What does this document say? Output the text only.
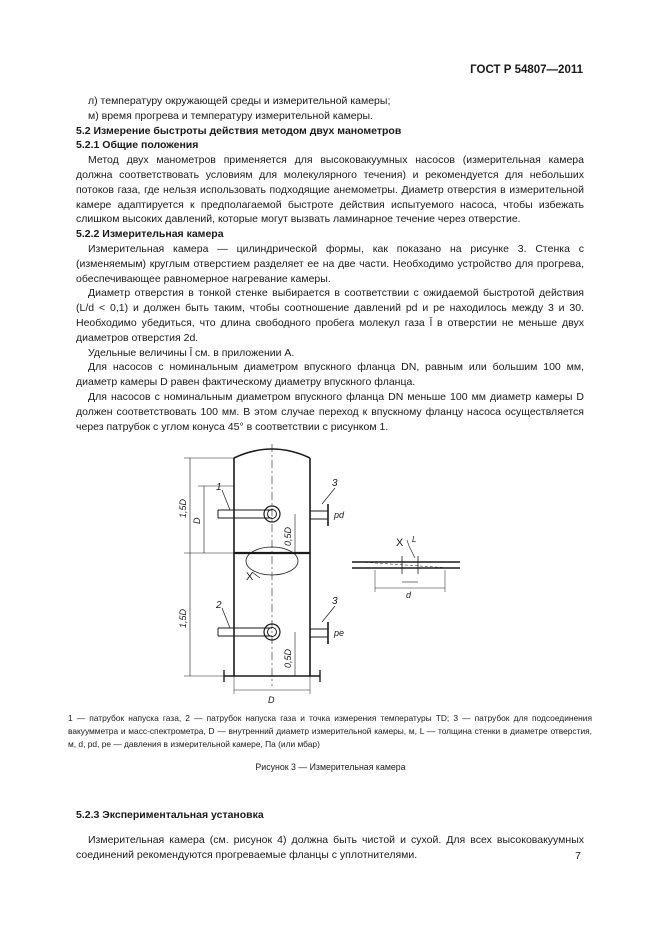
ГОСТ Р 54807—2011

л) температуру окружающей среды и измерительной камеры;

м) время прогрева и температуру измерительной камеры.

5.2 Измерение быстроты действия методом двух манометров

5.2.1 Общие положения

Метод двух манометров применяется для высоковакуумных насосов (измерительная камера должна соответствовать условиям для молекулярного течения) и рекомендуется для небольших потоков газа, где нельзя использовать подходящие анемометры. Диаметр отверстия в измерительной камере адаптируется к предполагаемой быстроте действия испытуемого насоса, чтобы избежать слишком высоких давлений, которые могут вызвать ламинарное течение через отверстие.

5.2.2 Измерительная камера

Измерительная камера — цилиндрической формы, как показано на рисунке 3. Стенка с (изменяемым) круглым отверстием разделяет ее на две части. Необходимо устройство для прогрева, обеспечивающее равномерное нагревание камеры.

Диаметр отверстия в тонкой стенке выбирается в соответствии с ожидаемой быстротой действия (L/d < 0,1) и должен быть таким, чтобы соотношение давлений pd и pe находилось между 3 и 30. Необходимо убедиться, что длина свободного пробега молекул газа l̄ в отверстии не меньше двух диаметров отверстия 2d.

Удельные величины l̄ см. в приложении А.

Для насосов с номинальным диаметром впускного фланца DN, равным или большим 100 мм, диаметр камеры D равен фактическому диаметру впускного фланца.

Для насосов с номинальным диаметром впускного фланца DN меньше 100 мм диаметр камеры D должен соответствовать 100 мм. В этом случае переход к впускному фланцу насоса осуществляется через патрубок с углом конуса 45° в соответствии с рисунком 1.

1
2
3
3
pd
pe
X
X
d
L
D
1,5D
1,5D
D
0,5D
0,5D
1 — патрубок напуска газа, 2 — патрубок напуска газа и точка измерения температуры TD; 3 — патрубок для подсоединения вакуумметра и масс-спектрометра, D — внутренний диаметр измерительной камеры, м, L — толщина стенки в диаметре отверстия, м, d, pd, pe — давления в измерительной камере, Па (или мбар)
Рисунок 3 — Измерительная камера

5.2.3 Экспериментальная установка

Измерительная камера (см. рисунок 4) должна быть чистой и сухой. Для всех высоковакуумных соединений рекомендуются прогреваемые фланцы с уплотнителями.	7
